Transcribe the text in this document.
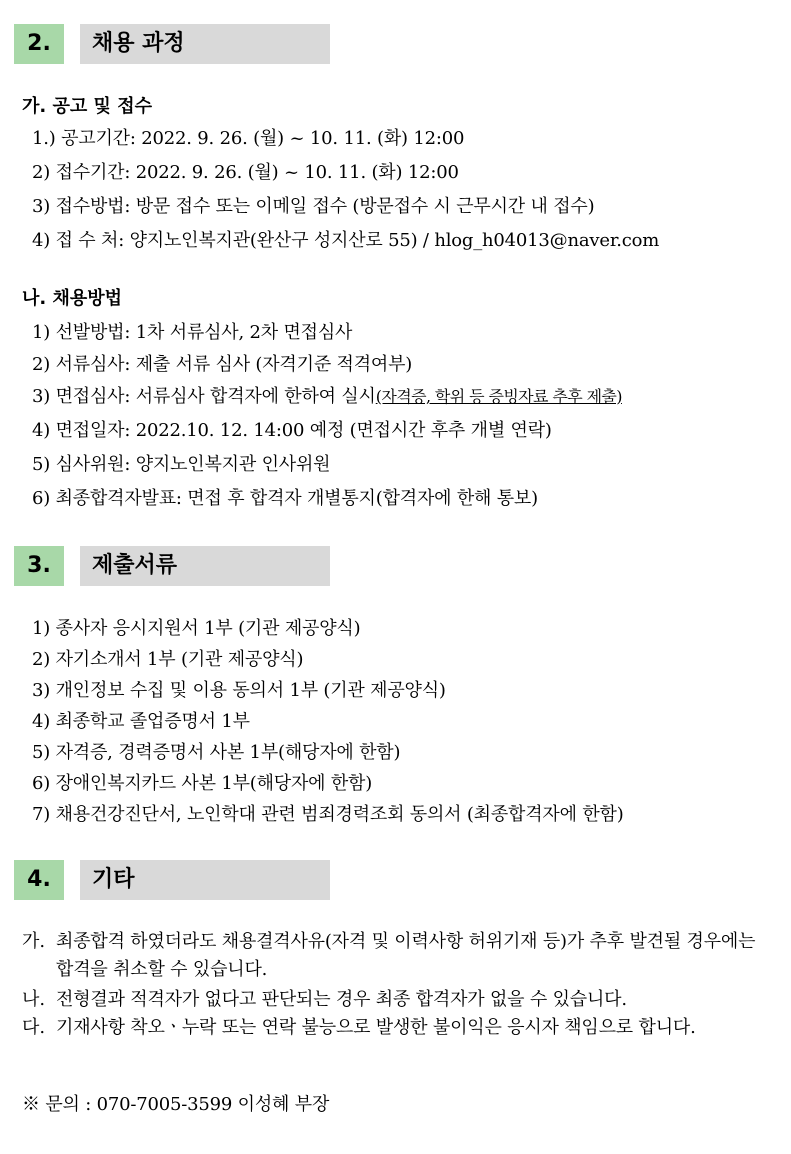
2.	채용 과정
가. 공고 및 접수
1.) 공고기간: 2022. 9. 26. (월) ~ 10. 11. (화) 12:00
2) 접수기간: 2022. 9. 26. (월) ~ 10. 11. (화) 12:00
3) 접수방법: 방문 접수 또는 이메일 접수 (방문접수 시 근무시간 내 접수)
4) 접 수 처: 양지노인복지관(완산구 성지산로 55) / hlog_h04013@naver.com
나. 채용방법
1) 선발방법: 1차 서류심사, 2차 면접심사
2) 서류심사: 제출 서류 심사 (자격기준 적격여부)
3) 면접심사: 서류심사 합격자에 한하여 실시(자격증, 학위 등 증빙자료 추후 제출)
4) 면접일자: 2022.10. 12. 14:00 예정 (면접시간 후추 개별 연락)
5) 심사위원: 양지노인복지관 인사위원
6) 최종합격자발표: 면접 후 합격자 개별통지(합격자에 한해 통보)
3.	제출서류
1) 종사자 응시지원서 1부 (기관 제공양식)
2) 자기소개서 1부 (기관 제공양식)
3) 개인정보 수집 및 이용 동의서 1부 (기관 제공양식)
4) 최종학교 졸업증명서 1부
5) 자격증, 경력증명서 사본 1부(해당자에 한함)
6) 장애인복지카드 사본 1부(해당자에 한함)
7) 채용건강진단서, 노인학대 관련 범죄경력조회 동의서 (최종합격자에 한함)
4.	기타
가. 최종합격 하였더라도 채용결격사유(자격 및 이력사항 허위기재 등)가 추후 발견될 경우에는 합격을 취소할 수 있습니다.
나. 전형결과 적격자가 없다고 판단되는 경우 최종 합격자가 없을 수 있습니다.
다. 기재사항 착오ㆍ누락 또는 연락 불능으로 발생한 불이익은 응시자 책임으로 합니다.
※ 문의 : 070-7005-3599 이성혜 부장
